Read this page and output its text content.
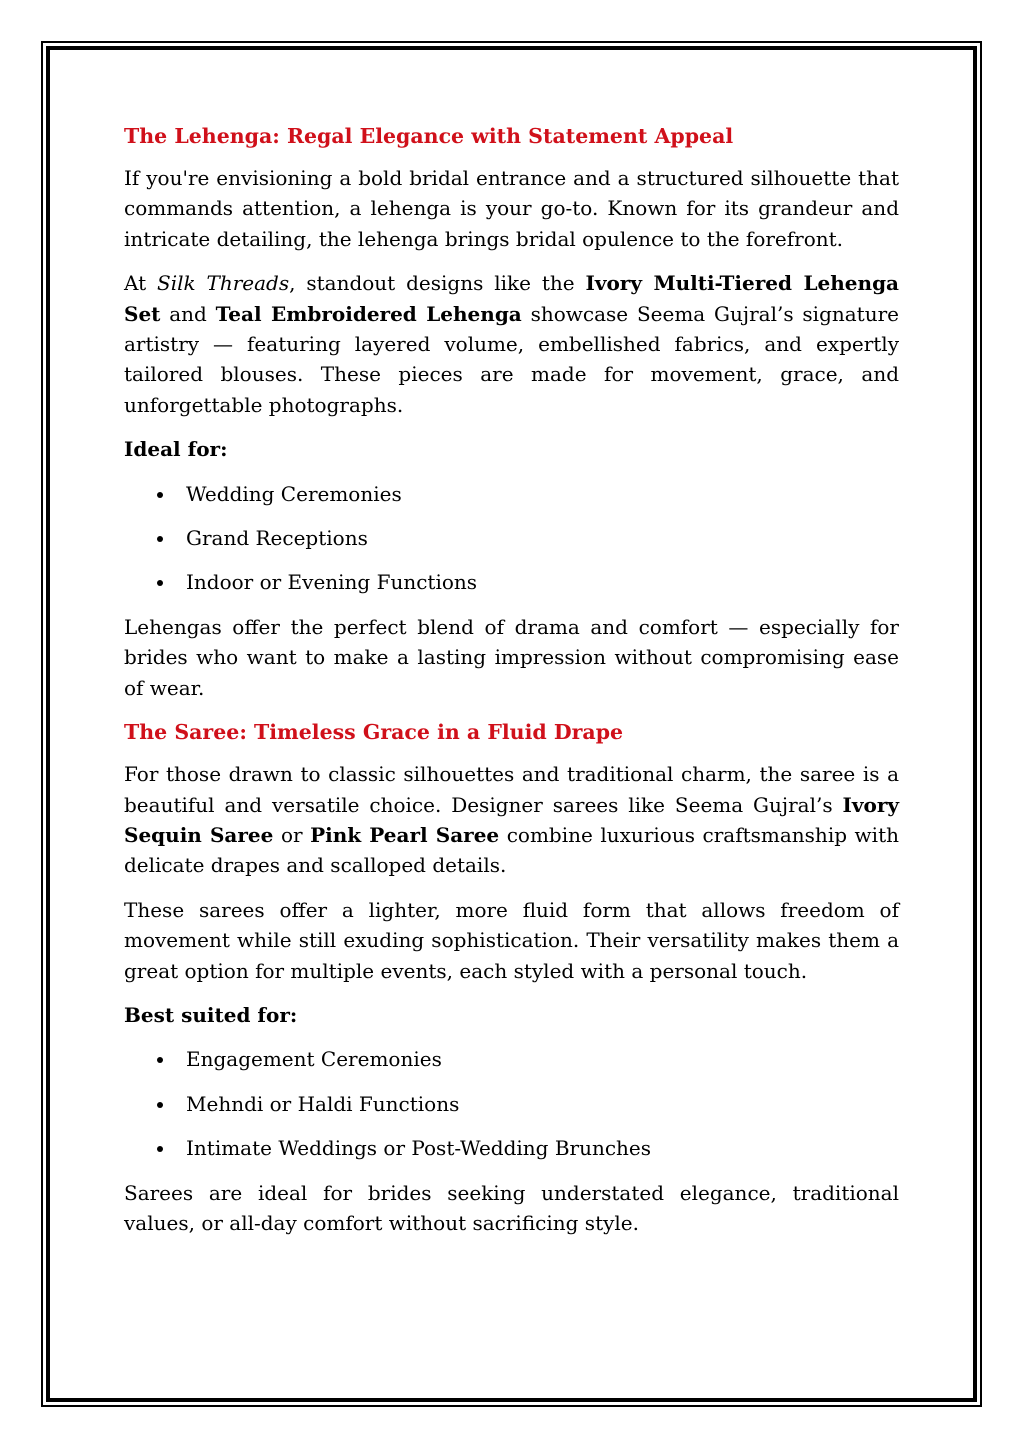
The Lehenga: Regal Elegance with Statement Appeal

If you're envisioning a bold bridal entrance and a structured silhouette that commands attention, a lehenga is your go-to. Known for its grandeur and intricate detailing, the lehenga brings bridal opulence to the forefront.

At Silk Threads, standout designs like the Ivory Multi-Tiered Lehenga Set and Teal Embroidered Lehenga showcase Seema Gujral’s signature artistry — featuring layered volume, embellished fabrics, and expertly tailored blouses. These pieces are made for movement, grace, and unforgettable photographs.

Ideal for:
Wedding Ceremonies
Grand Receptions
Indoor or Evening Functions

Lehengas offer the perfect blend of drama and comfort — especially for brides who want to make a lasting impression without compromising ease of wear.

The Saree: Timeless Grace in a Fluid Drape

For those drawn to classic silhouettes and traditional charm, the saree is a beautiful and versatile choice. Designer sarees like Seema Gujral’s Ivory Sequin Saree or Pink Pearl Saree combine luxurious craftsmanship with delicate drapes and scalloped details.

These sarees offer a lighter, more fluid form that allows freedom of movement while still exuding sophistication. Their versatility makes them a great option for multiple events, each styled with a personal touch.

Best suited for:
Engagement Ceremonies
Mehndi or Haldi Functions
Intimate Weddings or Post-Wedding Brunches

Sarees are ideal for brides seeking understated elegance, traditional values, or all-day comfort without sacrificing style.
